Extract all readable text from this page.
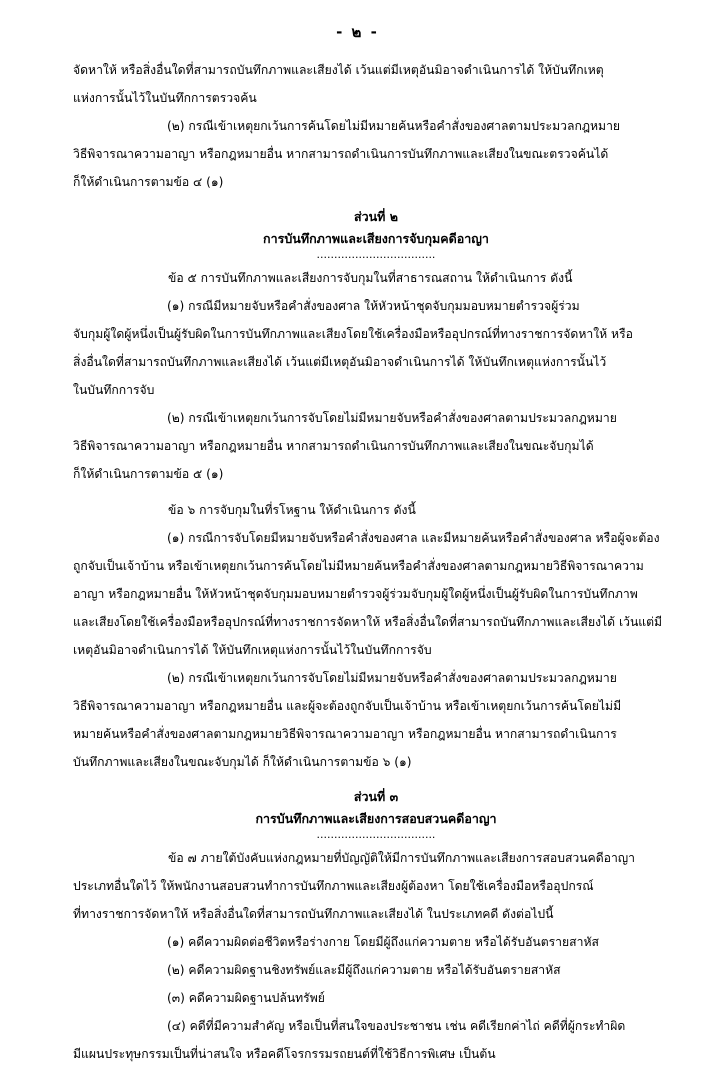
- ๒ -

จัดหาให้ หรือสิ่งอื่นใดที่สามารถบันทึกภาพและเสียงได้ เว้นแต่มีเหตุอันมิอาจดำเนินการได้ ให้บันทึกเหตุ
แห่งการนั้นไว้ในบันทึกการตรวจค้น

(๒) กรณีเข้าเหตุยกเว้นการค้นโดยไม่มีหมายค้นหรือคำสั่งของศาลตามประมวลกฎหมาย
วิธีพิจารณาความอาญา หรือกฎหมายอื่น หากสามารถดำเนินการบันทึกภาพและเสียงในขณะตรวจค้นได้
ก็ให้ดำเนินการตามข้อ ๔ (๑)

ส่วนที่ ๒
การบันทึกภาพและเสียงการจับกุมคดีอาญา
..................................

ข้อ ๕ การบันทึกภาพและเสียงการจับกุมในที่สาธารณสถาน ให้ดำเนินการ ดังนี้

(๑) กรณีมีหมายจับหรือคำสั่งของศาล ให้หัวหน้าชุดจับกุมมอบหมายตำรวจผู้ร่วม
จับกุมผู้ใดผู้หนึ่งเป็นผู้รับผิดในการบันทึกภาพและเสียงโดยใช้เครื่องมือหรืออุปกรณ์ที่ทางราชการจัดหาให้ หรือ
สิ่งอื่นใดที่สามารถบันทึกภาพและเสียงได้ เว้นแต่มีเหตุอันมิอาจดำเนินการได้ ให้บันทึกเหตุแห่งการนั้นไว้
ในบันทึกการจับ

(๒) กรณีเข้าเหตุยกเว้นการจับโดยไม่มีหมายจับหรือคำสั่งของศาลตามประมวลกฎหมาย
วิธีพิจารณาความอาญา หรือกฎหมายอื่น หากสามารถดำเนินการบันทึกภาพและเสียงในขณะจับกุมได้
ก็ให้ดำเนินการตามข้อ ๕ (๑)

ข้อ ๖ การจับกุมในที่รโหฐาน ให้ดำเนินการ ดังนี้

(๑) กรณีการจับโดยมีหมายจับหรือคำสั่งของศาล และมีหมายค้นหรือคำสั่งของศาล หรือผู้จะต้อง
ถูกจับเป็นเจ้าบ้าน หรือเข้าเหตุยกเว้นการค้นโดยไม่มีหมายค้นหรือคำสั่งของศาลตามกฎหมายวิธีพิจารณาความ
อาญา หรือกฎหมายอื่น ให้หัวหน้าชุดจับกุมมอบหมายตำรวจผู้ร่วมจับกุมผู้ใดผู้หนึ่งเป็นผู้รับผิดในการบันทึกภาพ
และเสียงโดยใช้เครื่องมือหรืออุปกรณ์ที่ทางราชการจัดหาให้ หรือสิ่งอื่นใดที่สามารถบันทึกภาพและเสียงได้ เว้นแต่มี
เหตุอันมิอาจดำเนินการได้ ให้บันทึกเหตุแห่งการนั้นไว้ในบันทึกการจับ

(๒) กรณีเข้าเหตุยกเว้นการจับโดยไม่มีหมายจับหรือคำสั่งของศาลตามประมวลกฎหมาย
วิธีพิจารณาความอาญา หรือกฎหมายอื่น และผู้จะต้องถูกจับเป็นเจ้าบ้าน หรือเข้าเหตุยกเว้นการค้นโดยไม่มี
หมายค้นหรือคำสั่งของศาลตามกฎหมายวิธีพิจารณาความอาญา หรือกฎหมายอื่น หากสามารถดำเนินการ
บันทึกภาพและเสียงในขณะจับกุมได้ ก็ให้ดำเนินการตามข้อ ๖ (๑)

ส่วนที่ ๓
การบันทึกภาพและเสียงการสอบสวนคดีอาญา
..................................

ข้อ ๗ ภายใต้บังคับแห่งกฎหมายที่บัญญัติให้มีการบันทึกภาพและเสียงการสอบสวนคดีอาญา
ประเภทอื่นใดไว้ ให้พนักงานสอบสวนทำการบันทึกภาพและเสียงผู้ต้องหา โดยใช้เครื่องมือหรืออุปกรณ์
ที่ทางราชการจัดหาให้ หรือสิ่งอื่นใดที่สามารถบันทึกภาพและเสียงได้ ในประเภทคดี ดังต่อไปนี้

(๑) คดีความผิดต่อชีวิตหรือร่างกาย โดยมีผู้ถึงแก่ความตาย หรือได้รับอันตรายสาหัส

(๒) คดีความผิดฐานชิงทรัพย์และมีผู้ถึงแก่ความตาย หรือได้รับอันตรายสาหัส

(๓) คดีความผิดฐานปล้นทรัพย์

(๔) คดีที่มีความสำคัญ หรือเป็นที่สนใจของประชาชน เช่น คดีเรียกค่าไถ่ คดีที่ผู้กระทำผิด
มีแผนประทุษกรรมเป็นที่น่าสนใจ หรือคดีโจรกรรมรถยนต์ที่ใช้วิธีการพิเศษ เป็นต้น
